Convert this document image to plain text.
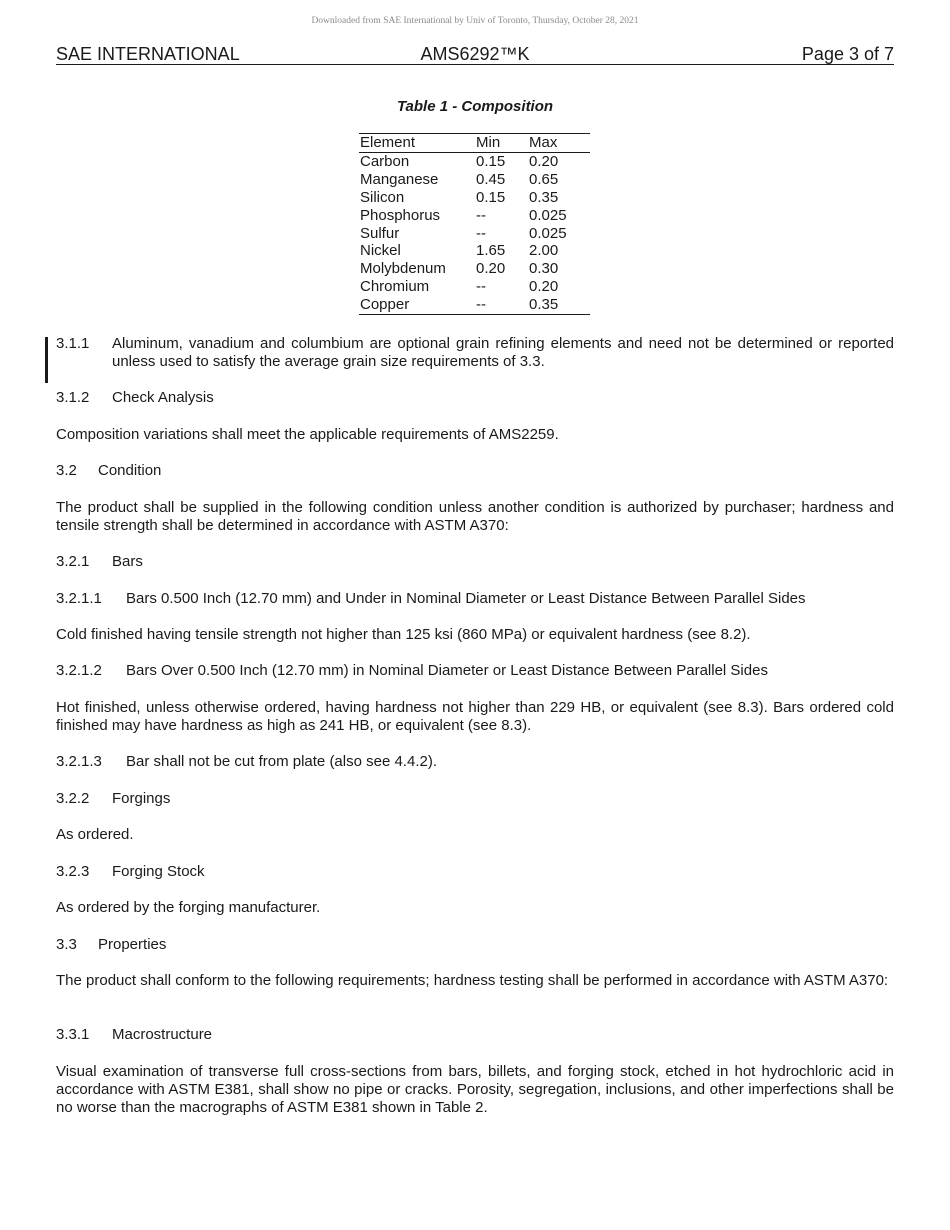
Downloaded from SAE International by Univ of Toronto, Thursday, October 28, 2021
SAE INTERNATIONAL	AMS6292™K	Page 3 of 7
Table 1 - Composition
Element	Min	Max
Carbon	0.15	0.20
Manganese	0.45	0.65
Silicon	0.15	0.35
Phosphorus	--	0.025
Sulfur	--	0.025
Nickel	1.65	2.00
Molybdenum	0.20	0.30
Chromium	--	0.20
Copper	--	0.35
3.1.1	Aluminum, vanadium and columbium are optional grain refining elements and need not be determined or reported unless used to satisfy the average grain size requirements of 3.3.
3.1.2 Check Analysis
Composition variations shall meet the applicable requirements of AMS2259.
3.2 Condition
The product shall be supplied in the following condition unless another condition is authorized by purchaser; hardness and tensile strength shall be determined in accordance with ASTM A370:
3.2.1 Bars
3.2.1.1 Bars 0.500 Inch (12.70 mm) and Under in Nominal Diameter or Least Distance Between Parallel Sides
Cold finished having tensile strength not higher than 125 ksi (860 MPa) or equivalent hardness (see 8.2).
3.2.1.2 Bars Over 0.500 Inch (12.70 mm) in Nominal Diameter or Least Distance Between Parallel Sides
Hot finished, unless otherwise ordered, having hardness not higher than 229 HB, or equivalent (see 8.3). Bars ordered cold finished may have hardness as high as 241 HB, or equivalent (see 8.3).
3.2.1.3 Bar shall not be cut from plate (also see 4.4.2).
3.2.2 Forgings
As ordered.
3.2.3 Forging Stock
As ordered by the forging manufacturer.
3.3 Properties
The product shall conform to the following requirements; hardness testing shall be performed in accordance with ASTM A370:
3.3.1 Macrostructure
Visual examination of transverse full cross-sections from bars, billets, and forging stock, etched in hot hydrochloric acid in accordance with ASTM E381, shall show no pipe or cracks. Porosity, segregation, inclusions, and other imperfections shall be no worse than the macrographs of ASTM E381 shown in Table 2.
